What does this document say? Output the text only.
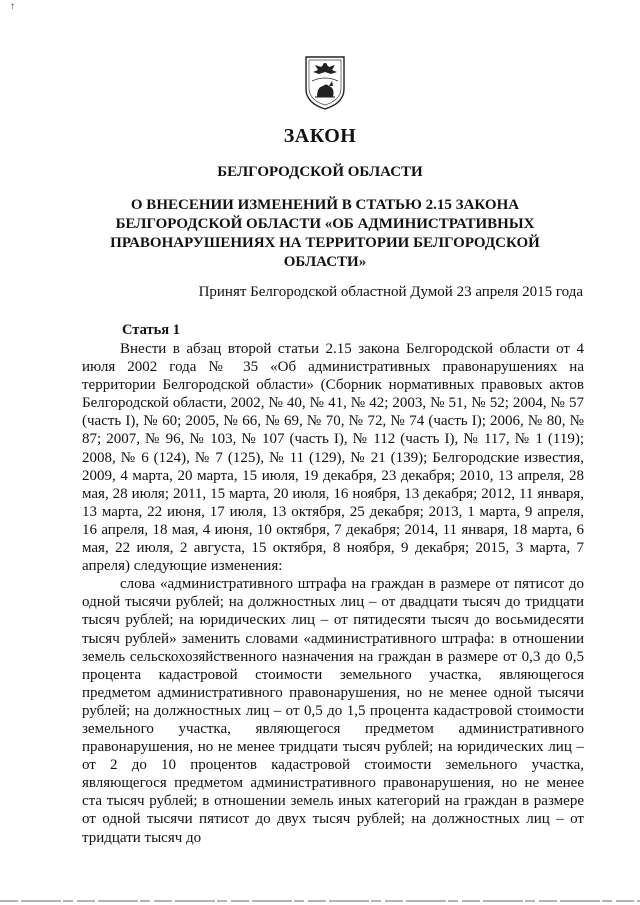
↑
ЗАКОН
БЕЛГОРОДСКОЙ ОБЛАСТИ
О ВНЕСЕНИИ ИЗМЕНЕНИЙ В СТАТЬЮ 2.15 ЗАКОНА БЕЛГОРОДСКОЙ ОБЛАСТИ «ОБ АДМИНИСТРАТИВНЫХ ПРАВОНАРУШЕНИЯХ НА ТЕРРИТОРИИ БЕЛГОРОДСКОЙ ОБЛАСТИ»
Принят Белгородской областной Думой 23 апреля 2015 года
Статья 1

Внести в абзац второй статьи 2.15 закона Белгородской области от 4 июля 2002 года № 35 «Об административных правонарушениях на территории Белгородской области» (Сборник нормативных правовых актов Белгородской области, 2002, № 40, № 41, № 42; 2003, № 51, № 52; 2004, № 57 (часть I), № 60; 2005, № 66, № 69, № 70, № 72, № 74 (часть I); 2006, № 80, № 87; 2007, № 96, № 103, № 107 (часть I), № 112 (часть I), № 117, № 1 (119); 2008, № 6 (124), № 7 (125), № 11 (129), № 21 (139); Белгородские известия, 2009, 4 марта, 20 марта, 15 июля, 19 декабря, 23 декабря; 2010, 13 апреля, 28 мая, 28 июля; 2011, 15 марта, 20 июля, 16 ноября, 13 декабря; 2012, 11 января, 13 марта, 22 июня, 17 июля, 13 октября, 25 декабря; 2013, 1 марта, 9 апреля, 16 апреля, 18 мая, 4 июня, 10 октября, 7 декабря; 2014, 11 января, 18 марта, 6 мая, 22 июля, 2 августа, 15 октября, 8 ноября, 9 декабря; 2015, 3 марта, 7 апреля) следующие изменения:

слова «административного штрафа на граждан в размере от пятисот до одной тысячи рублей; на должностных лиц – от двадцати тысяч до тридцати тысяч рублей; на юридических лиц – от пятидесяти тысяч до восьмидесяти тысяч рублей» заменить словами «административного штрафа: в отношении земель сельскохозяйственного назначения на граждан в размере от 0,3 до 0,5 процента кадастровой стоимости земельного участка, являющегося предметом административного правонарушения, но не менее одной тысячи рублей; на должностных лиц – от 0,5 до 1,5 процента кадастровой стоимости земельного участка, являющегося предметом административного правонарушения, но не менее тридцати тысяч рублей; на юридических лиц – от 2 до 10 процентов кадастровой стоимости земельного участка, являющегося предметом административного правонарушения, но не менее ста тысяч рублей; в отношении земель иных категорий на граждан в размере от одной тысячи пятисот до двух тысяч рублей; на должностных лиц – от тридцати тысяч до
